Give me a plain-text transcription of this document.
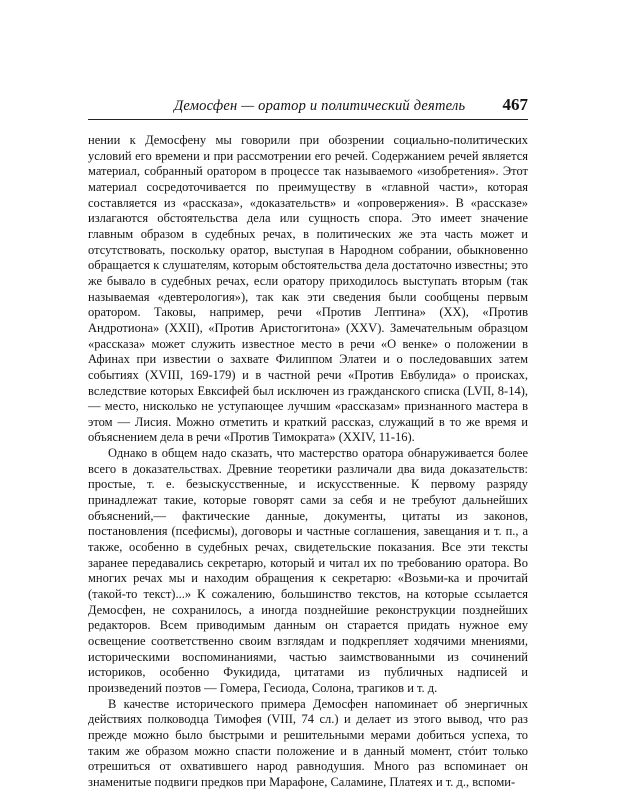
Демосфен — оратор и политический деятель 467

нении к Демосфену мы говорили при обозрении социально-политических условий его времени и при рассмотрении его речей. Содержанием речей является материал, собранный оратором в процессе так называемого «изобретения». Этот материал сосредоточивается по преимуществу в «главной части», которая составляется из «рассказа», «доказательств» и «опровержения». В «рассказе» излагаются обстоятельства дела или сущность спора. Это имеет значение главным образом в судебных речах, в политических же эта часть может и отсутствовать, поскольку оратор, выступая в Народном собрании, обыкновенно обращается к слушателям, которым обстоятельства дела достаточно известны; это же бывало в судебных речах, если оратору приходилось выступать вторым (так называемая «девтерология»), так как эти сведения были сообщены первым оратором. Таковы, например, речи «Против Лептина» (XX), «Против Андротиона» (XXII), «Против Аристогитона» (XXV). Замечательным образцом «рассказа» может служить известное место в речи «О венке» о положении в Афинах при известии о захвате Филиппом Элатеи и о последовавших затем событиях (XVIII, 169-179) и в частной речи «Против Евбулида» о происках, вследствие которых Евксифей был исключен из гражданского списка (LVII, 8-14),— место, нисколько не уступающее лучшим «рассказам» признанного мастера в этом — Лисия. Можно отметить и краткий рассказ, служащий в то же время и объяснением дела в речи «Против Тимократа» (XXIV, 11-16).

Однако в общем надо сказать, что мастерство оратора обнаруживается более всего в доказательствах. Древние теоретики различали два вида доказательств: простые, т. е. безыскусственные, и искусственные. К первому разряду принадлежат такие, которые говорят сами за себя и не требуют дальнейших объяснений,— фактические данные, документы, цитаты из законов, постановления (псефисмы), договоры и частные соглашения, завещания и т. п., а также, особенно в судебных речах, свидетельские показания. Все эти тексты заранее передавались секретарю, который и читал их по требованию оратора. Во многих речах мы и находим обращения к секретарю: «Возьми-ка и прочитай (такой-то текст)...» К сожалению, большинство текстов, на которые ссылается Демосфен, не сохранилось, а иногда позднейшие реконструкции позднейших редакторов. Всем приводимым данным он старается придать нужное ему освещение соответственно своим взглядам и подкрепляет ходячими мнениями, историческими воспоминаниями, частью заимствованными из сочинений историков, особенно Фукидида, цитатами из публичных надписей и произведений поэтов — Гомера, Гесиода, Солона, трагиков и т. д.

В качестве исторического примера Демосфен напоминает об энергичных действиях полководца Тимофея (VIII, 74 сл.) и делает из этого вывод, что раз прежде можно было быстрыми и решительными мерами добиться успеха, то таким же образом можно спасти положение и в данный момент, стóит только отрешиться от охватившего народ равнодушия. Много раз вспоминает он знаменитые подвиги предков при Марафоне, Саламине, Платеях и т. д., вспоми-
